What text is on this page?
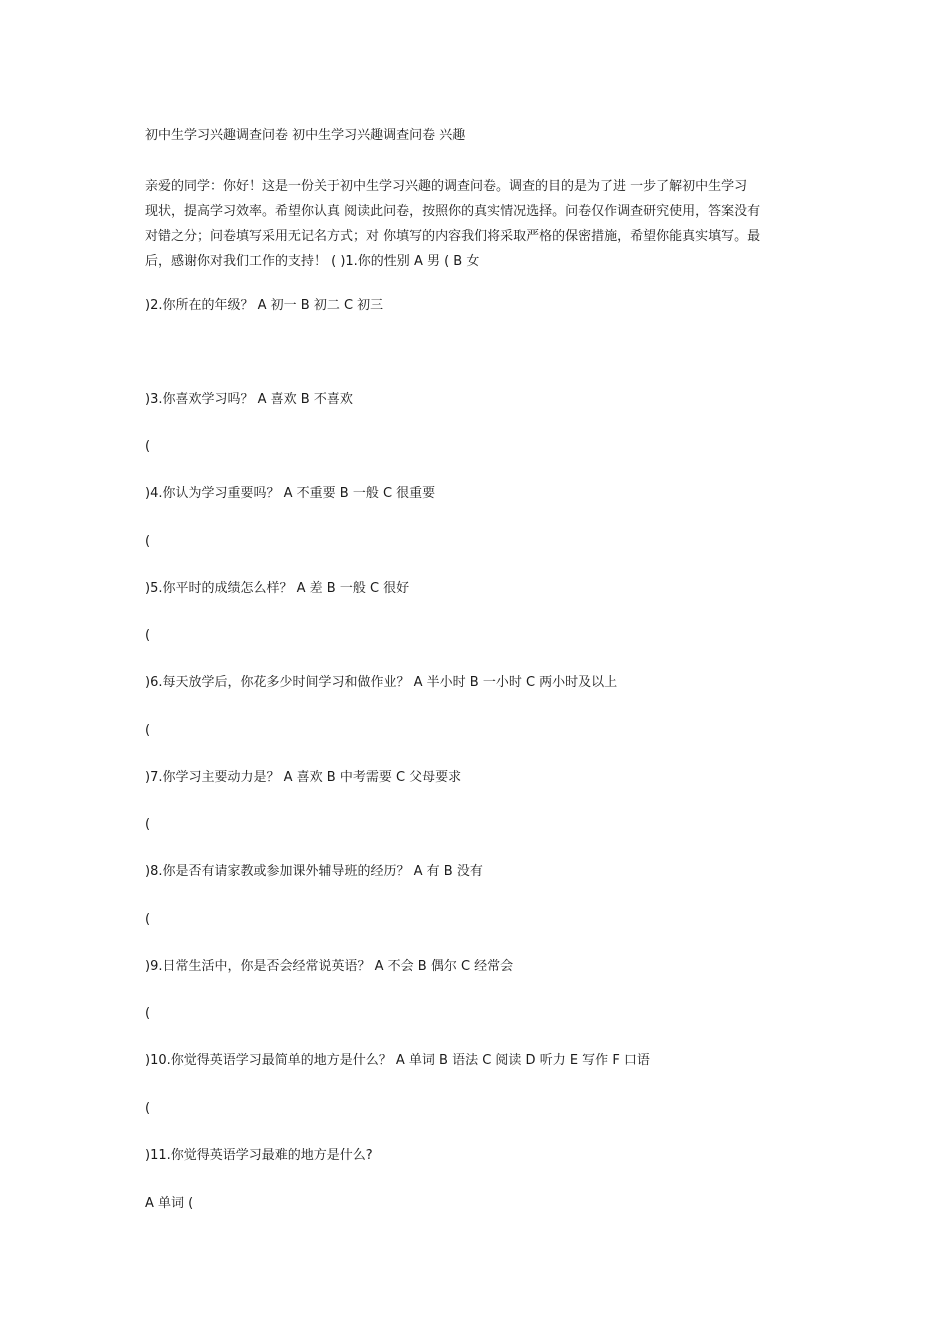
初中生学习兴趣调查问卷 初中生学习兴趣调查问卷 兴趣
亲爱的同学：你好！这是一份关于初中生学习兴趣的调查问卷。调查的目的是为了进 一步了解初中生学习
现状，提高学习效率。希望你认真 阅读此问卷，按照你的真实情况选择。问卷仅作调查研究使用，答案没有
对错之分；问卷填写采用无记名方式；对 你填写的内容我们将采取严格的保密措施，希望你能真实填写。最
后，感谢你对我们工作的支持！ ( )1.你的性别 A 男 ( B 女
)2.你所在的年级？ A 初一 B 初二 C 初三
)3.你喜欢学习吗？ A 喜欢 B 不喜欢
(
)4.你认为学习重要吗？ A 不重要 B 一般 C 很重要
(
)5.你平时的成绩怎么样？ A 差 B 一般 C 很好
(
)6.每天放学后，你花多少时间学习和做作业？ A 半小时 B 一小时 C 两小时及以上
(
)7.你学习主要动力是？ A 喜欢 B 中考需要 C 父母要求
(
)8.你是否有请家教或参加课外辅导班的经历？ A 有 B 没有
(
)9.日常生活中，你是否会经常说英语？ A 不会 B 偶尔 C 经常会
(
)10.你觉得英语学习最简单的地方是什么？ A 单词 B 语法 C 阅读 D 听力 E 写作 F 口语
(
)11.你觉得英语学习最难的地方是什么?
A 单词 (
